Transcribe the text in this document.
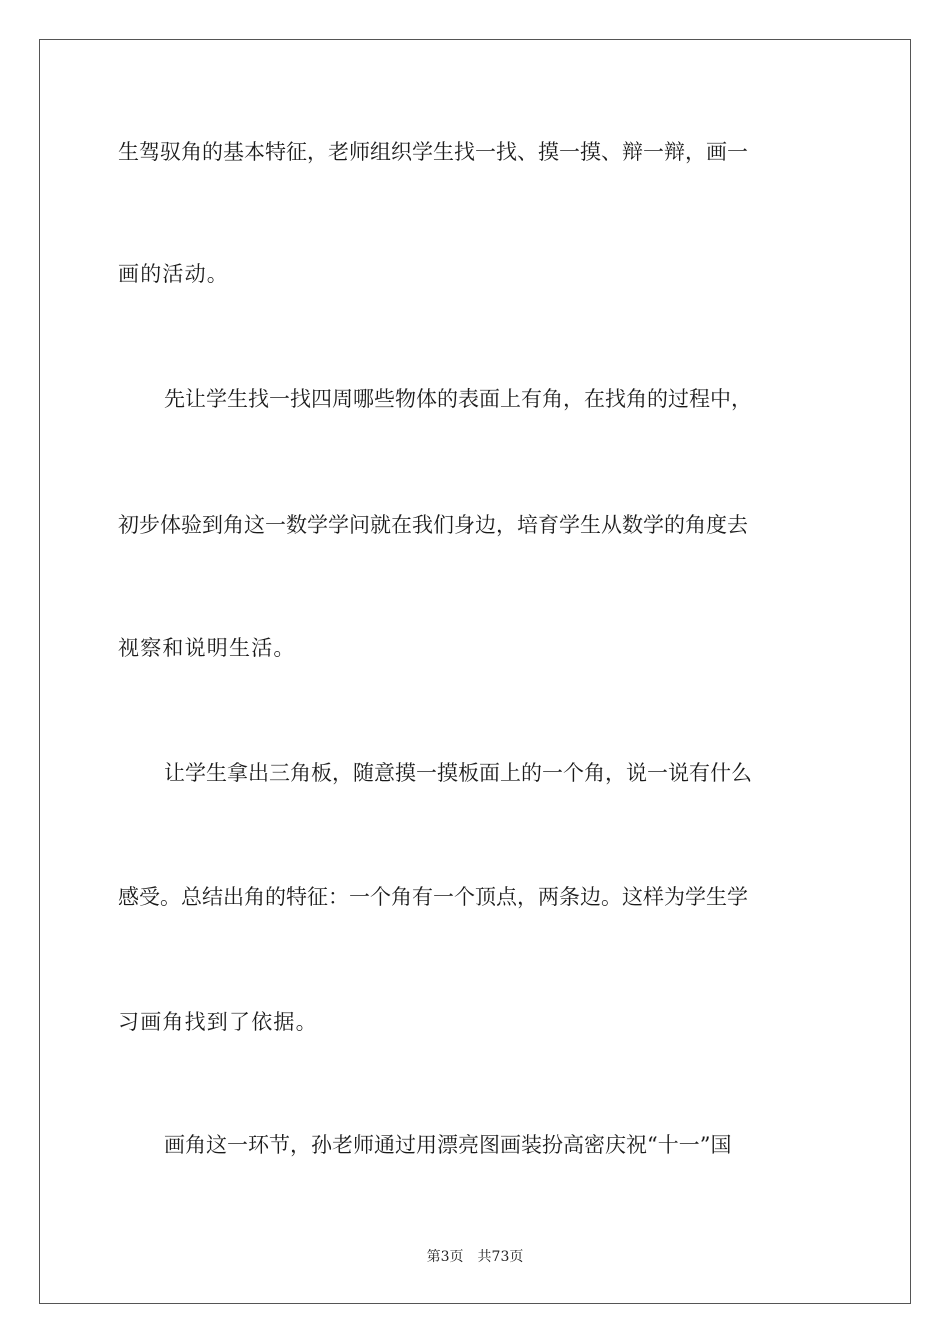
生驾驭角的基本特征，老师组织学生找一找、摸一摸、辩一辩，画一
画的活动。
先让学生找一找四周哪些物体的表面上有角，在找角的过程中，
初步体验到角这一数学学问就在我们身边，培育学生从数学的角度去
视察和说明生活。
让学生拿出三角板，随意摸一摸板面上的一个角，说一说有什么
感受。总结出角的特征：一个角有一个顶点，两条边。这样为学生学
习画角找到了依据。
画角这一环节，孙老师通过用漂亮图画装扮高密庆祝“十一”国
第3页 共73页
